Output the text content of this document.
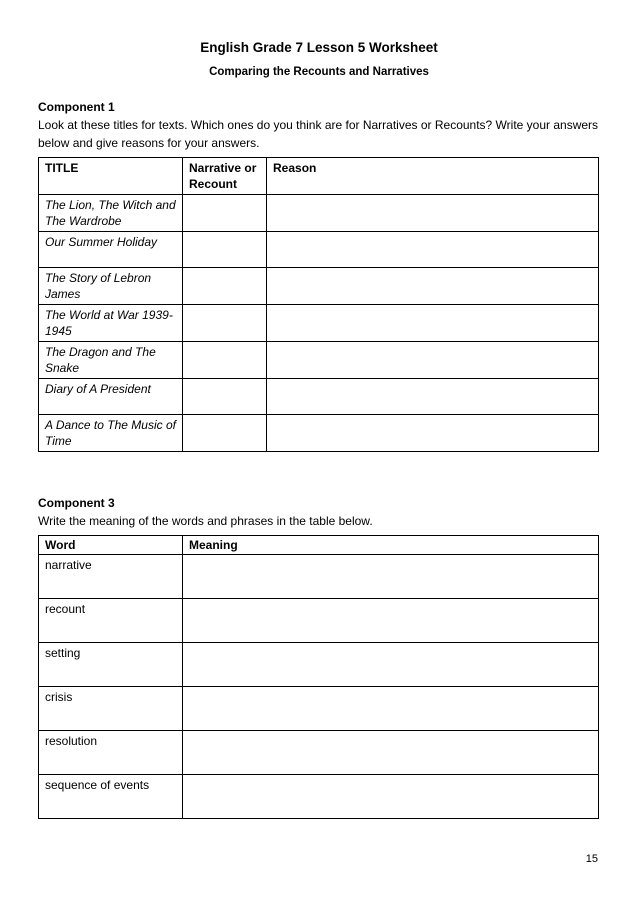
English Grade 7 Lesson 5 Worksheet
Comparing the Recounts and Narratives
Component 1
Look at these titles for texts. Which ones do you think are for Narratives or Recounts? Write your answers below and give reasons for your answers.
TITLE	Narrative or Recount	Reason
The Lion, The Witch and The Wardrobe		
Our Summer Holiday		
The Story of Lebron James		
The World at War 1939-1945		
The Dragon and The Snake		
Diary of A President		
A Dance to The Music of Time		
Component 3
Write the meaning of the words and phrases in the table below.
Word	Meaning
narrative	
recount	
setting	
crisis	
resolution	
sequence of events	
15
